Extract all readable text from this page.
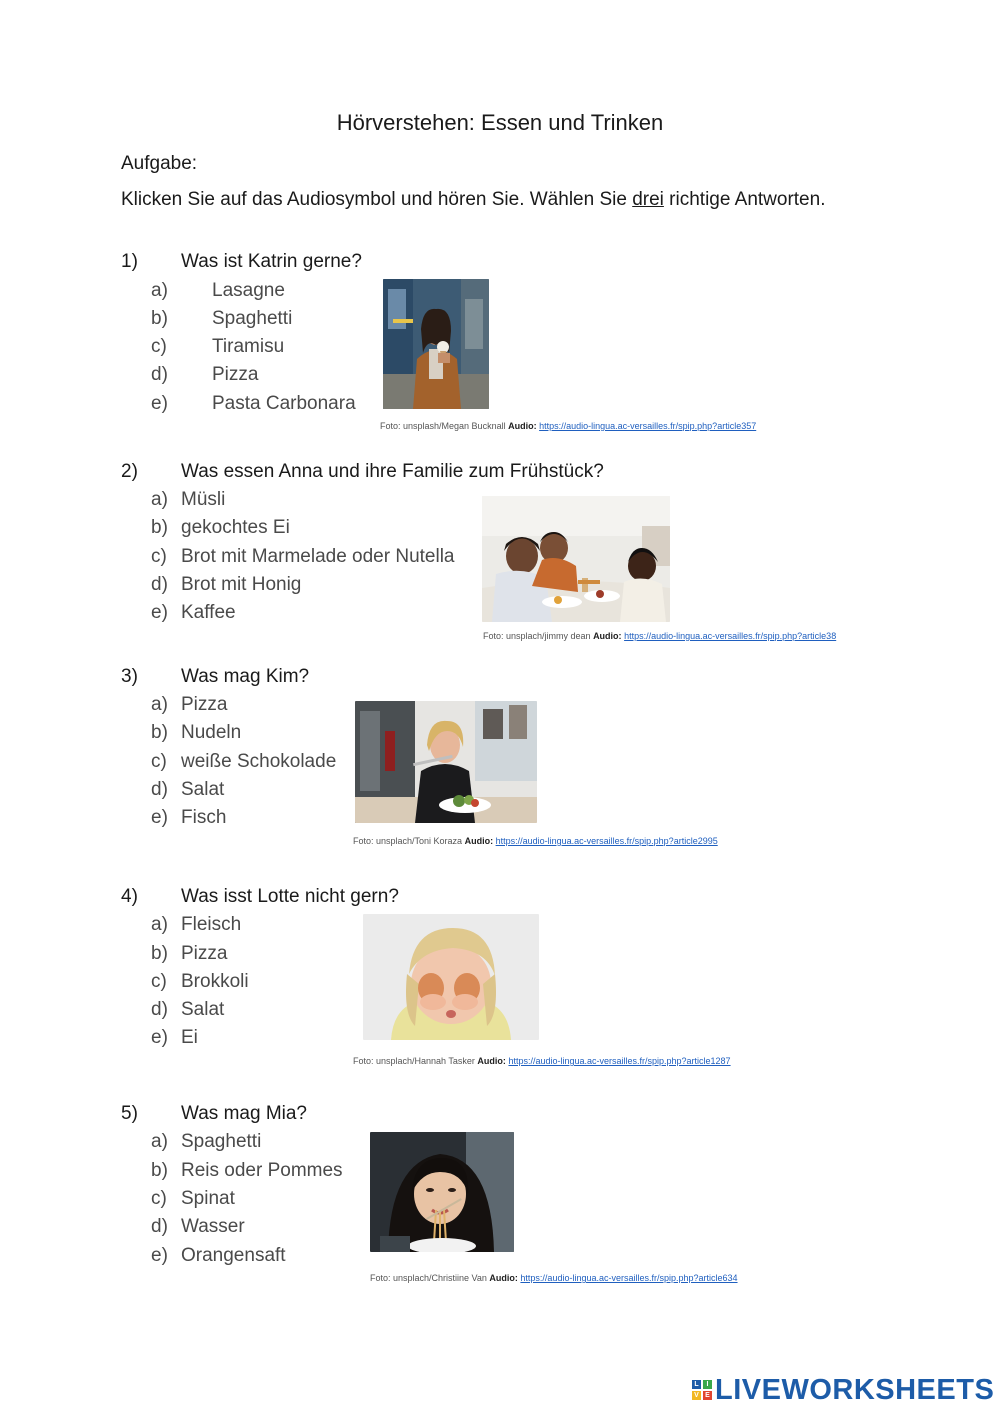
Hörverstehen: Essen und Trinken
Aufgabe:
Klicken Sie auf das Audiosymbol und hören Sie. Wählen Sie drei richtige Antworten.
1) Was ist Katrin gerne?
a) Lasagne
b) Spaghetti
c) Tiramisu
d) Pizza
e) Pasta Carbonara
Foto: unsplash/Megan Bucknall Audio: https://audio-lingua.ac-versailles.fr/spip.php?article357
2) Was essen Anna und ihre Familie zum Frühstück?
a) Müsli
b) gekochtes Ei
c) Brot mit Marmelade oder Nutella
d) Brot mit Honig
e) Kaffee
Foto: unsplach/jimmy dean Audio: https://audio-lingua.ac-versailles.fr/spip.php?article38
3) Was mag Kim?
a) Pizza
b) Nudeln
c) weiße Schokolade
d) Salat
e) Fisch
Foto: unsplach/Toni Koraza Audio: https://audio-lingua.ac-versailles.fr/spip.php?article2995
4) Was isst Lotte nicht gern?
a) Fleisch
b) Pizza
c) Brokkoli
d) Salat
e) Ei
Foto: unsplach/Hannah Tasker Audio: https://audio-lingua.ac-versailles.fr/spip.php?article1287
5) Was mag Mia?
a) Spaghetti
b) Reis oder Pommes
c) Spinat
d) Wasser
e) Orangensaft
Foto: unsplach/Christiine Van Audio: https://audio-lingua.ac-versailles.fr/spip.php?article634
L	I
V E LIVEWORKSHEETS
